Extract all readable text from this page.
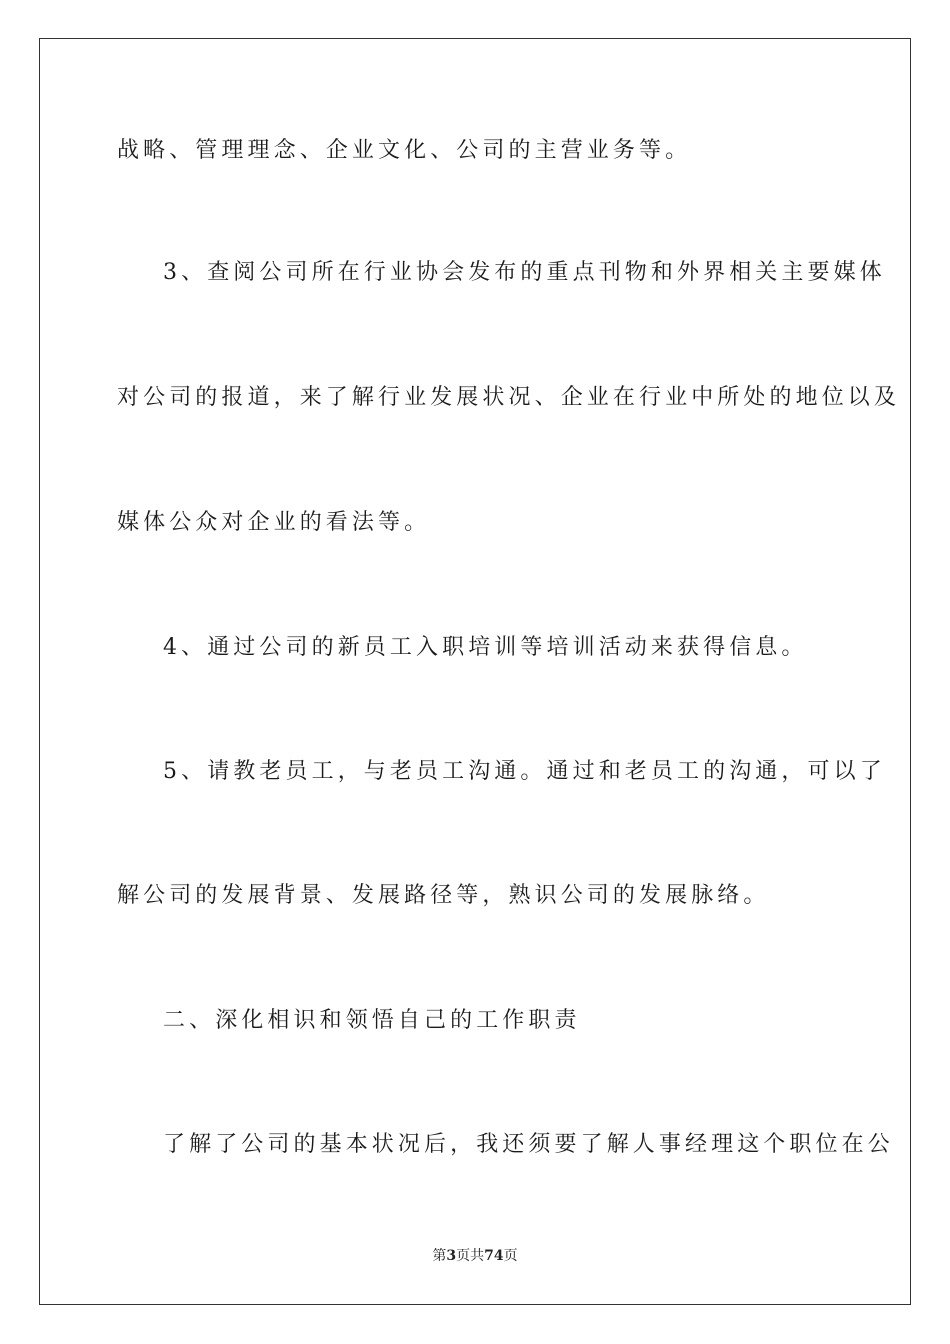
战略、管理理念、企业文化、公司的主营业务等。
3、查阅公司所在行业协会发布的重点刊物和外界相关主要媒体
对公司的报道，来了解行业发展状况、企业在行业中所处的地位以及
媒体公众对企业的看法等。
4、通过公司的新员工入职培训等培训活动来获得信息。
5、请教老员工，与老员工沟通。通过和老员工的沟通，可以了
解公司的发展背景、发展路径等，熟识公司的发展脉络。
二、深化相识和领悟自己的工作职责
了解了公司的基本状况后，我还须要了解人事经理这个职位在公
第3页共74页
